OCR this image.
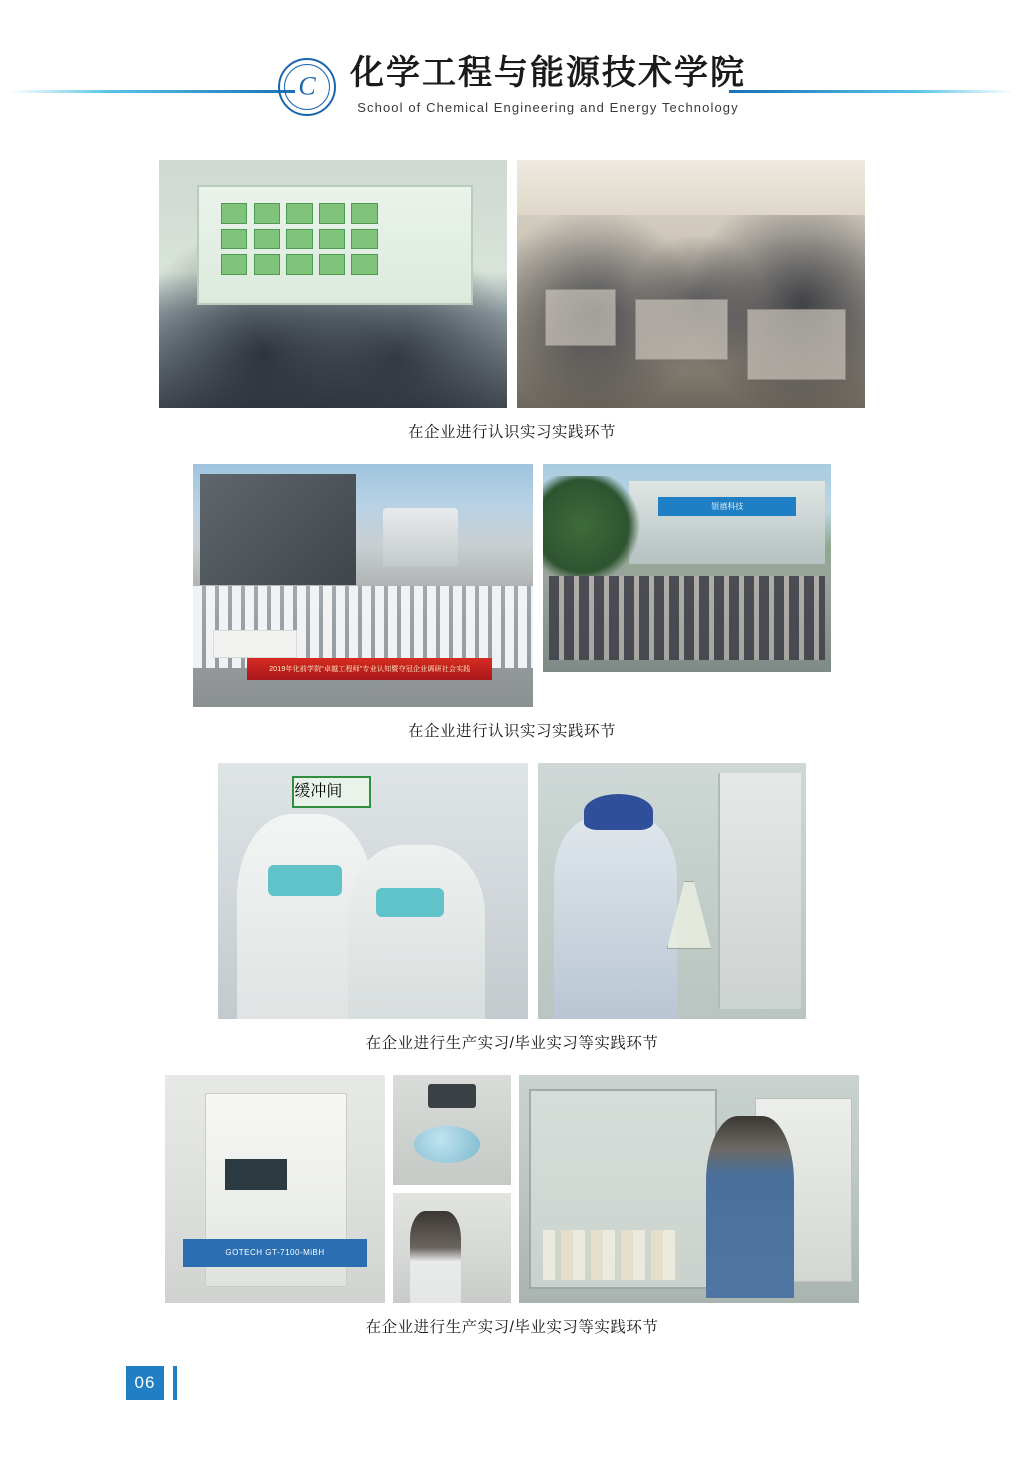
C	化学工程与能源技术学院
School of Chemical Engineering and Energy Technology
在企业进行认识实习实践环节
2019年化前学院“卓越工程师”专业认知暨夺冠企业调研社会实践
银禧科技
在企业进行认识实习实践环节
缓冲间
在企业进行生产实习/毕业实习等实践环节
GOTECH GT-7100-MiBH
在企业进行生产实习/毕业实习等实践环节
06
